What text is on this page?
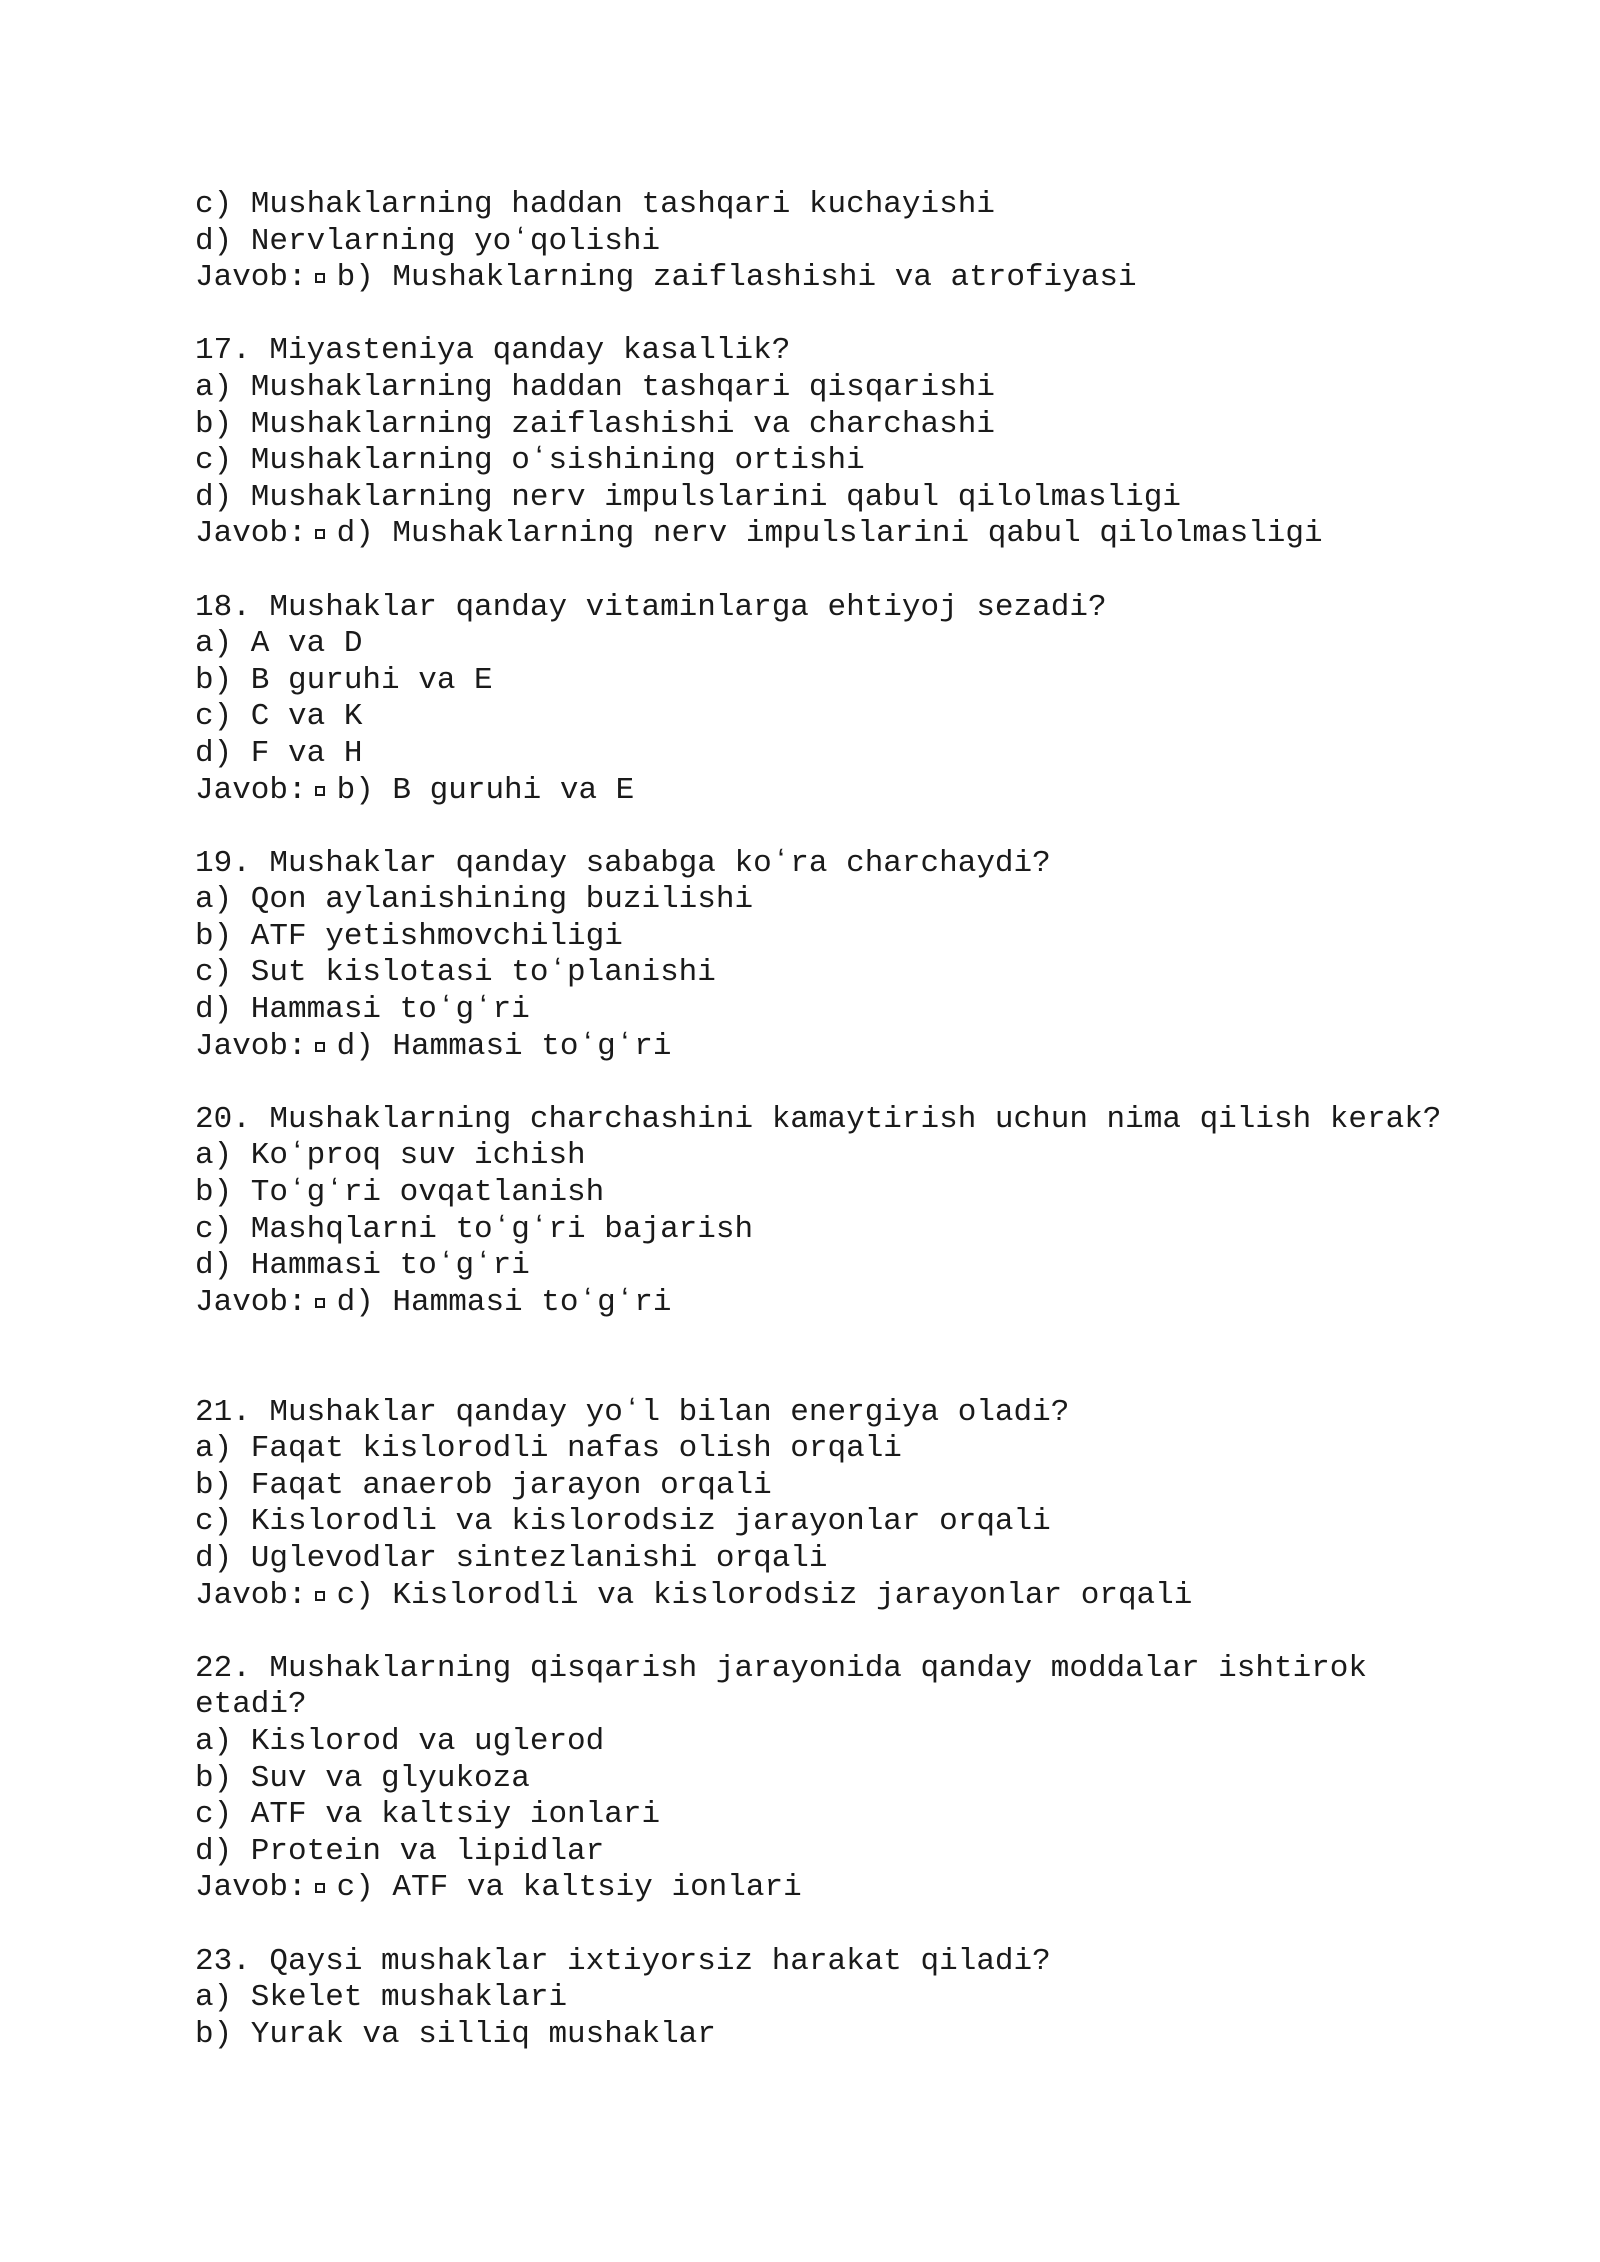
c) Mushaklarning haddan tashqari kuchayishi
d) Nervlarning yoʻqolishi
Javob: b) Mushaklarning zaiflashishi va atrofiyasi
17. Miyasteniya qanday kasallik?
a) Mushaklarning haddan tashqari qisqarishi
b) Mushaklarning zaiflashishi va charchashi
c) Mushaklarning oʻsishining ortishi
d) Mushaklarning nerv impulslarini qabul qilolmasligi
Javob: d) Mushaklarning nerv impulslarini qabul qilolmasligi
18. Mushaklar qanday vitaminlarga ehtiyoj sezadi?
a) A va D
b) B guruhi va E
c) C va K
d) F va H
Javob: b) B guruhi va E
19. Mushaklar qanday sababga koʻra charchaydi?
a) Qon aylanishining buzilishi
b) ATF yetishmovchiligi
c) Sut kislotasi toʻplanishi
d) Hammasi toʻgʻri
Javob: d) Hammasi toʻgʻri
20. Mushaklarning charchashini kamaytirish uchun nima qilish kerak?
a) Koʻproq suv ichish
b) Toʻgʻri ovqatlanish
c) Mashqlarni toʻgʻri bajarish
d) Hammasi toʻgʻri
Javob: d) Hammasi toʻgʻri
21. Mushaklar qanday yoʻl bilan energiya oladi?
a) Faqat kislorodli nafas olish orqali
b) Faqat anaerob jarayon orqali
c) Kislorodli va kislorodsiz jarayonlar orqali
d) Uglevodlar sintezlanishi orqali
Javob: c) Kislorodli va kislorodsiz jarayonlar orqali
22. Mushaklarning qisqarish jarayonida qanday moddalar ishtirok
etadi?
a) Kislorod va uglerod
b) Suv va glyukoza
c) ATF va kaltsiy ionlari
d) Protein va lipidlar
Javob: c) ATF va kaltsiy ionlari
23. Qaysi mushaklar ixtiyorsiz harakat qiladi?
a) Skelet mushaklari
b) Yurak va silliq mushaklar
